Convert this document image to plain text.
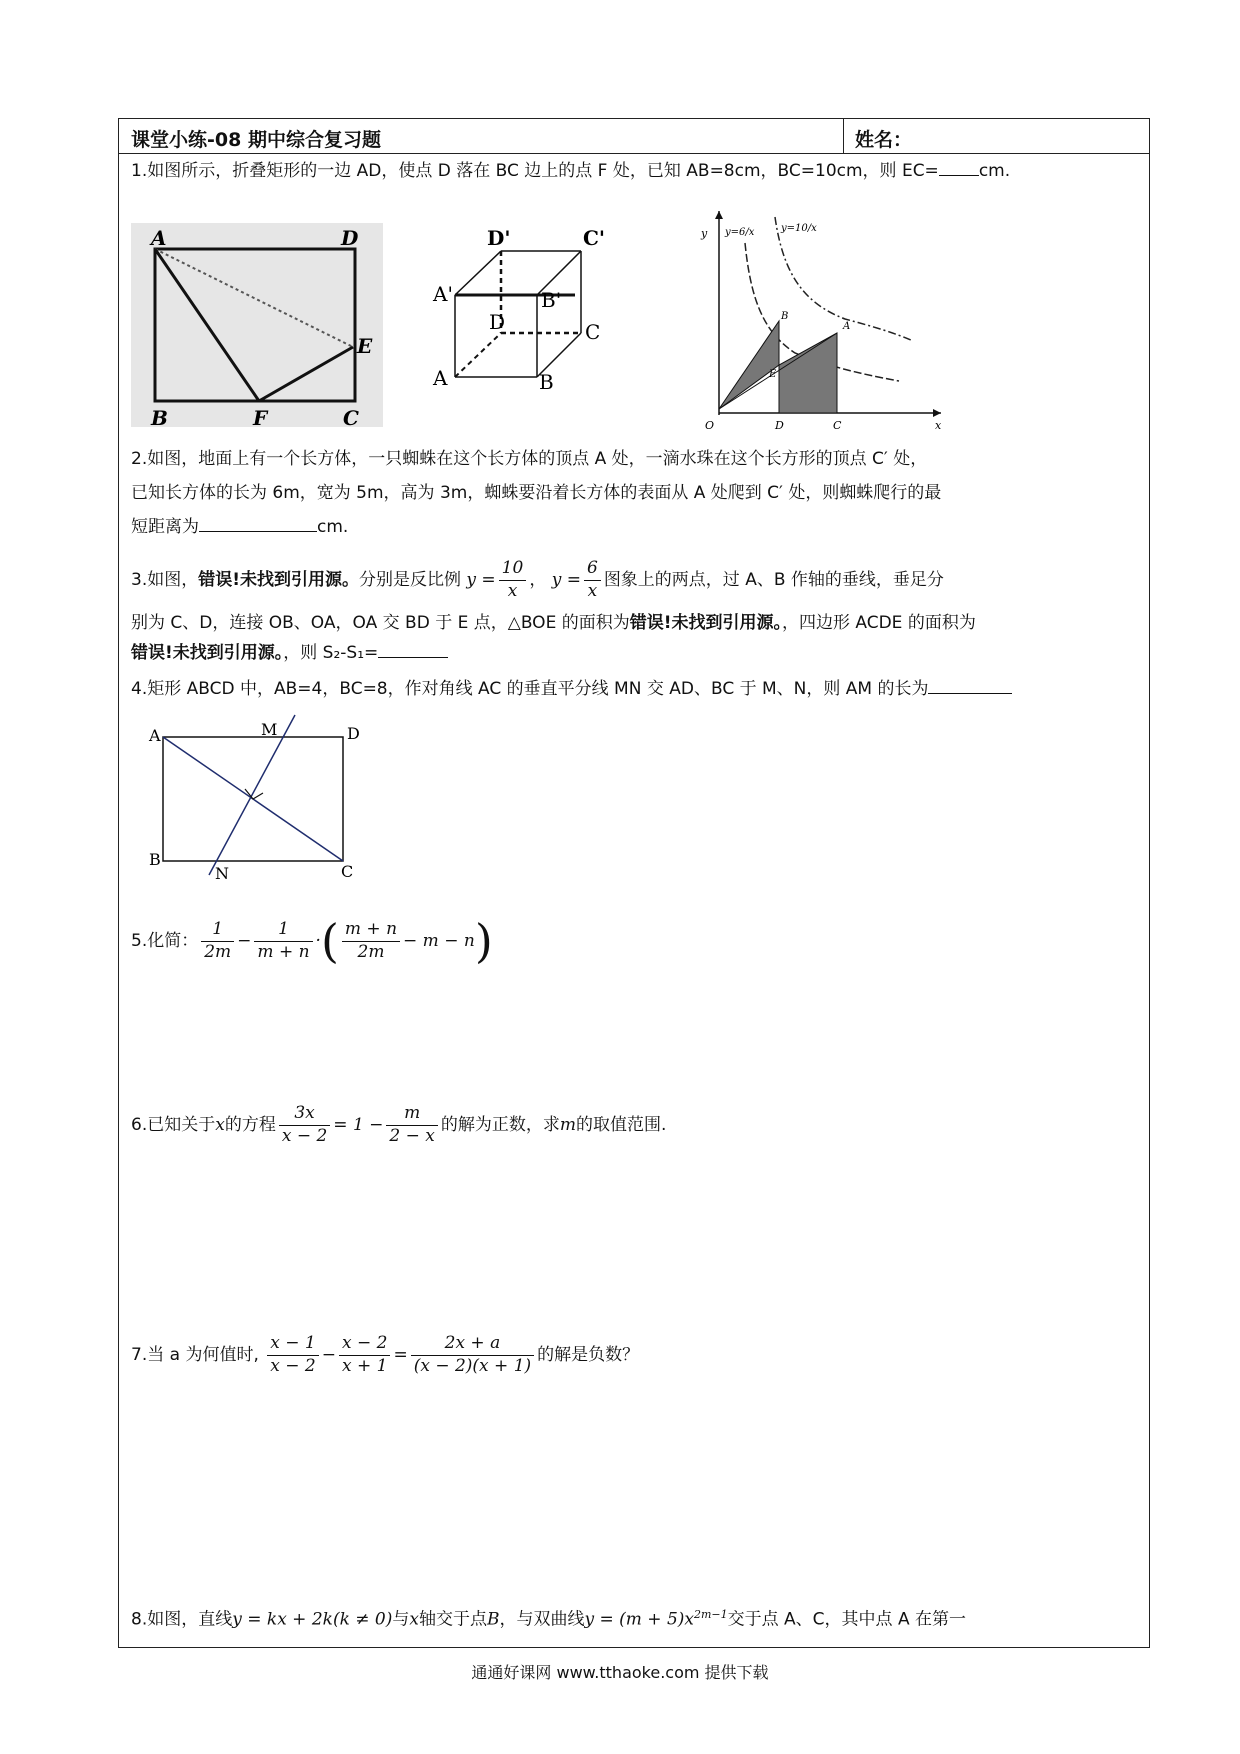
课堂小练-08 期中综合复习题	姓名：
1.如图所示，折叠矩形的一边 AD，使点 D 落在 BC 边上的点 F 处，已知 AB=8cm，BC=10cm，则 EC= cm.
A	D
E
B	F	C
D'	C'
A'	B'
D	C
A	B
y y=6/x	y=10/x
B
A
E
O	D	C	x
2.如图，地面上有一个长方体，一只蜘蛛在这个长方体的顶点 A 处，一滴水珠在这个长方形的顶点 C′ 处，
已知长方体的长为 6m，宽为 5m，高为 3m，蜘蛛要沿着长方体的表面从 A 处爬到 C′ 处，则蜘蛛爬行的最
短距离为	cm.
3.如图，错误!未找到引用源。分别是反比例 $y = \frac{10}{x}$ ， $y = \frac{6}{x}$ 图象上的两点，过 A、B 作轴的垂线，垂足分
别为 C、D，连接 OB、OA，OA 交 BD 于 E 点，△BOE 的面积为错误!未找到引用源。，四边形 ACDE 的面积为
错误!未找到引用源。，则 S₂-S₁=
4.矩形 ABCD 中，AB=4，BC=8，作对角线 AC 的垂直平分线 MN 交 AD、BC 于 M、N，则 AM 的长为
A	M	D
B
N	C
5.化简： $\frac{1}{2m} - \frac{1}{m + n}$ ·( $\frac{m + n}{2m} - m - n$)
6.已知关于x的方程 $\frac{3x}{x - 2} = 1 - \frac{m}{2 - x}$ 的解为正数，求m的取值范围.
7.当 a 为何值时, $\frac{x - 1}{x - 2} - \frac{x - 2}{x + 1} = \frac{2x + a}{(x - 2)(x + 1)}$ 的解是负数？
8.如图，直线y = kx + 2k(k ≠ 0)与x轴交于点B，与双曲线$y = (m + 5)x^{2m-1}$交于点 A、C，其中点 A 在第一
通通好课网 www.tthaoke.com 提供下载
